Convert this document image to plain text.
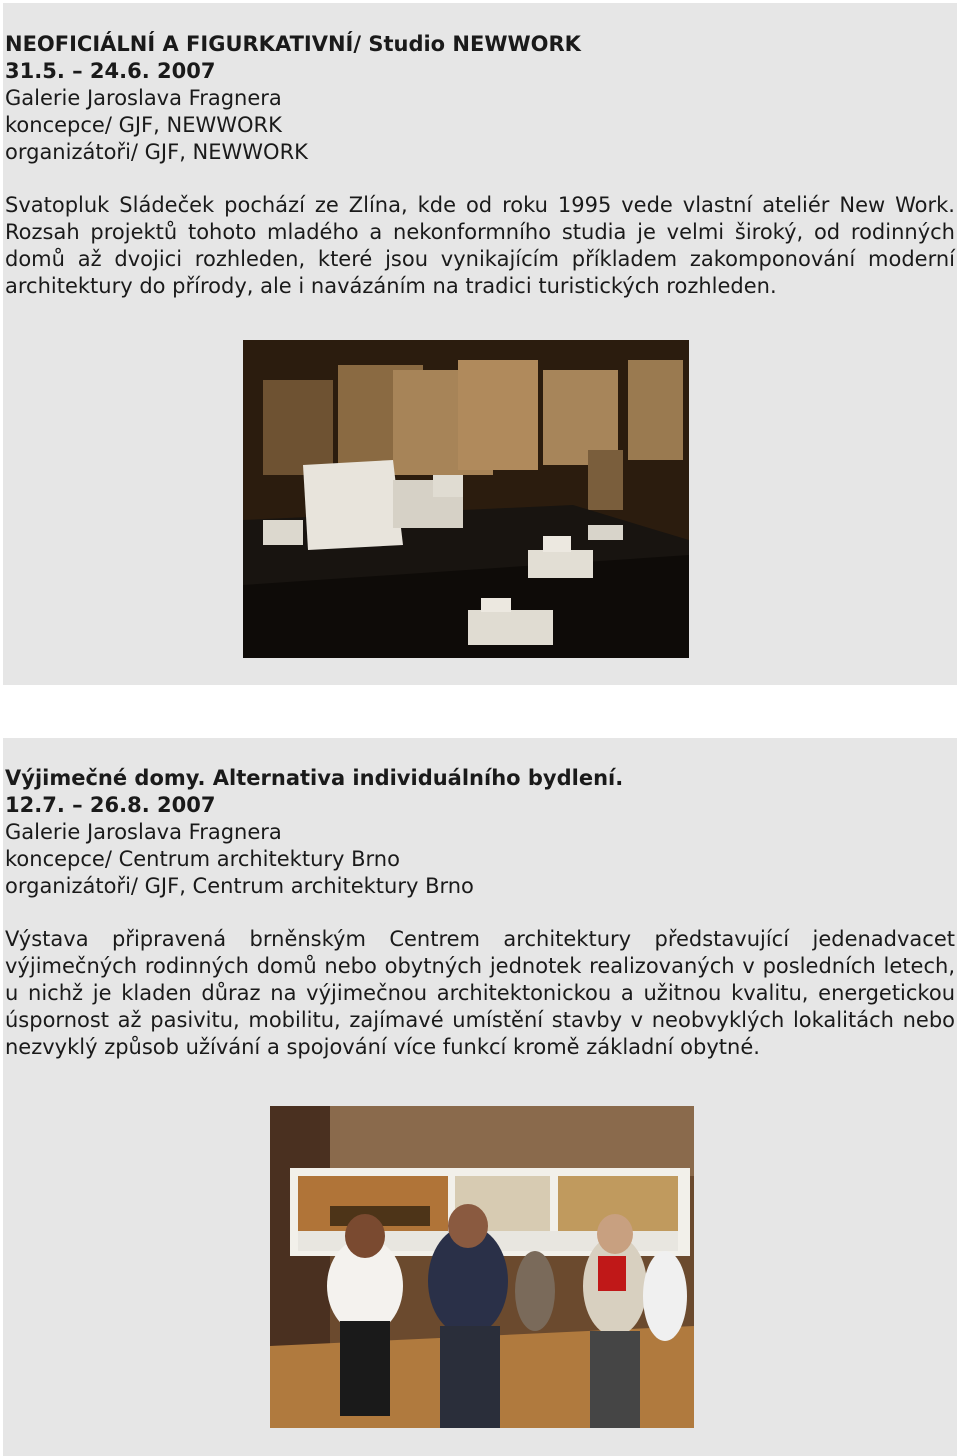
NEOFICIÁLNÍ A FIGURKATIVNÍ/ Studio NEWWORK
31.5. – 24.6. 2007
Galerie Jaroslava Fragnera
koncepce/ GJF, NEWWORK
organizátoři/ GJF, NEWWORK
Svatopluk Sládeček pochází ze Zlína, kde od roku 1995 vede vlastní ateliér New Work. Rozsah projektů tohoto mladého a nekonformního studia je velmi široký, od rodinných domů až dvojici rozhleden, které jsou vynikajícím příkladem zakomponování moderní architektury do přírody, ale i navázáním na tradici turistických rozhleden.
Výjimečné domy. Alternativa individuálního bydlení.
12.7. – 26.8. 2007
Galerie Jaroslava Fragnera
koncepce/ Centrum architektury Brno
organizátoři/ GJF, Centrum architektury Brno
Výstava připravená brněnským Centrem architektury představující jedenadvacet výjimečných rodinných domů nebo obytných jednotek realizovaných v posledních letech, u nichž je kladen důraz na výjimečnou architektonickou a užitnou kvalitu, energetickou úspornost až pasivitu, mobilitu, zajímavé umístění stavby v neobvyklých lokalitách nebo nezvyklý způsob užívání a spojování více funkcí kromě základní obytné.
